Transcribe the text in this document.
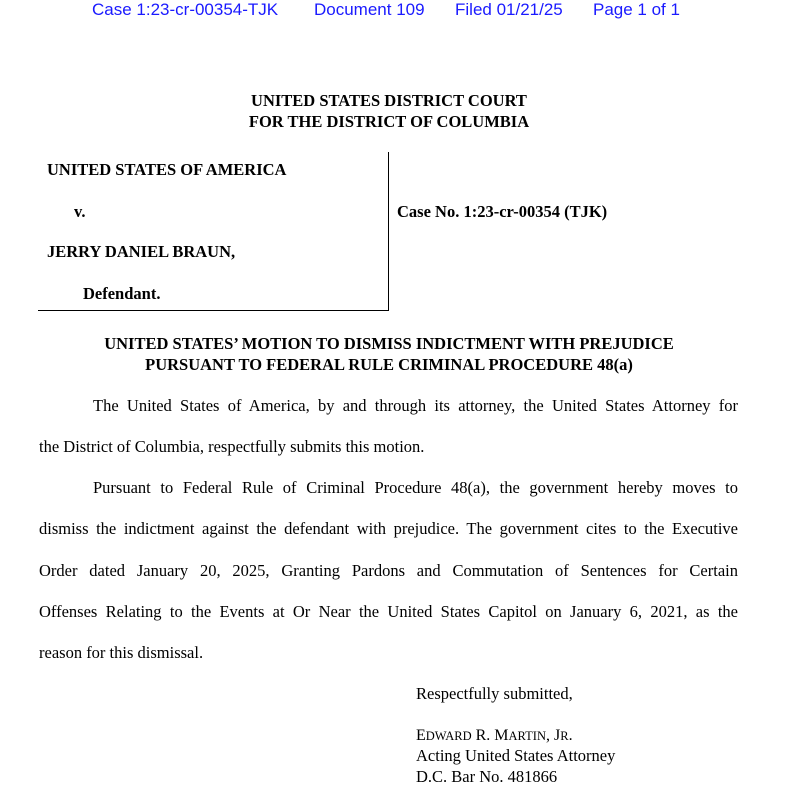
Case 1:23-cr-00354-TJK Document 109 Filed 01/21/25 Page 1 of 1
UNITED STATES DISTRICT COURT
FOR THE DISTRICT OF COLUMBIA
UNITED STATES OF AMERICA
v.
JERRY DANIEL BRAUN,
Defendant.
Case No. 1:23-cr-00354 (TJK)
UNITED STATES’ MOTION TO DISMISS INDICTMENT WITH PREJUDICE
PURSUANT TO FEDERAL RULE CRIMINAL PROCEDURE 48(a)
The United States of America, by and through its attorney, the United States Attorney for
the District of Columbia, respectfully submits this motion.
Pursuant to Federal Rule of Criminal Procedure 48(a), the government hereby moves to
dismiss the indictment against the defendant with prejudice. The government cites to the Executive
Order dated January 20, 2025, Granting Pardons and Commutation of Sentences for Certain
Offenses Relating to the Events at Or Near the United States Capitol on January 6, 2021, as the
reason for this dismissal.
Respectfully submitted,
EDWARD R. MARTIN, JR.
Acting United States Attorney
D.C. Bar No. 481866
